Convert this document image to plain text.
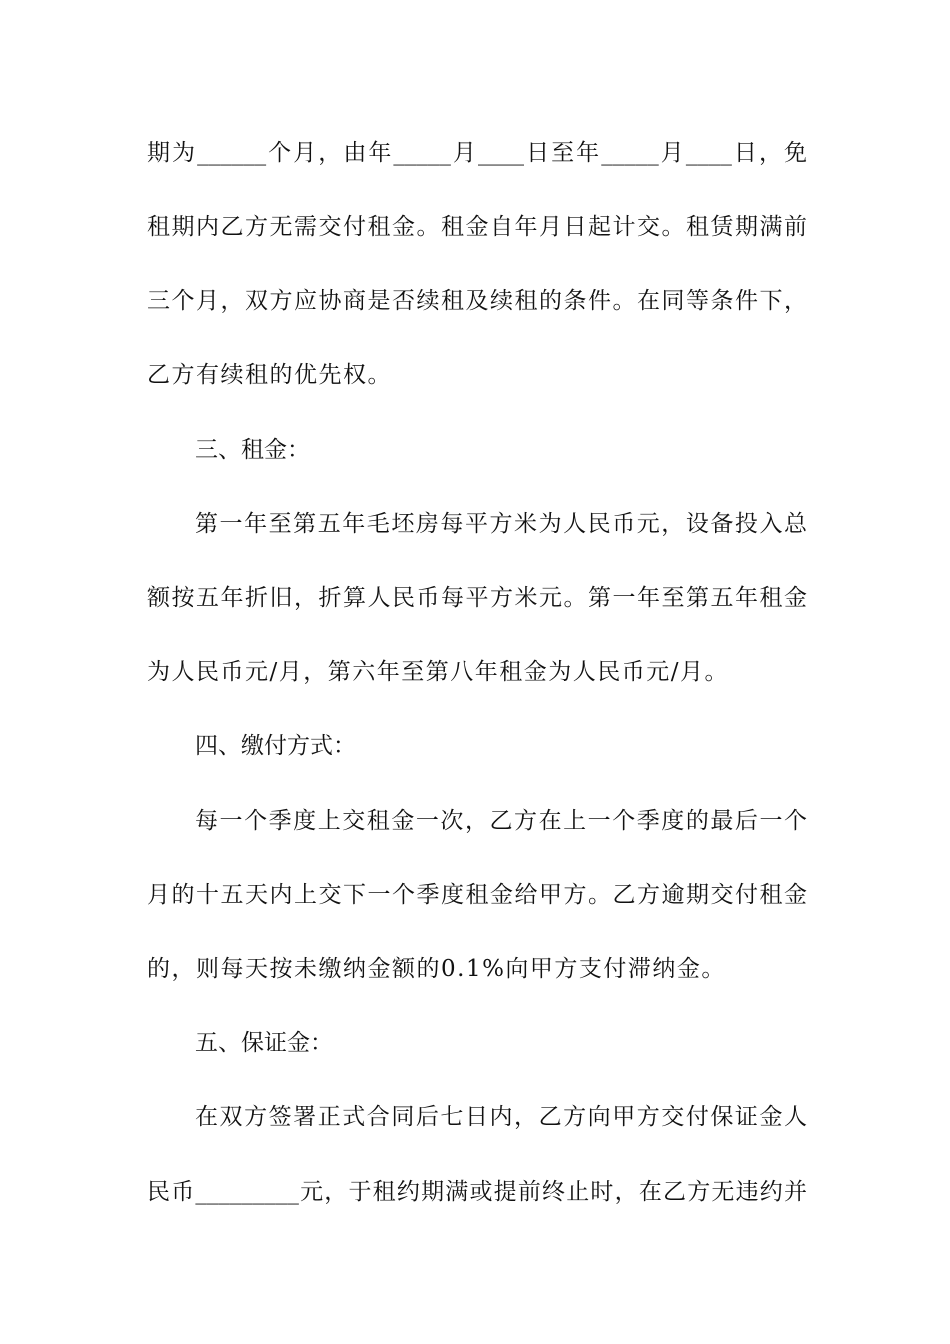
期为______个月，由年_____月____日至年_____月____日，免
租期内乙方无需交付租金。租金自年月日起计交。租赁期满前
三个月，双方应协商是否续租及续租的条件。在同等条件下，
乙方有续租的优先权。
三、租金：
第一年至第五年毛坯房每平方米为人民币元，设备投入总
额按五年折旧，折算人民币每平方米元。第一年至第五年租金
为人民币元/月，第六年至第八年租金为人民币元/月。
四、缴付方式：
每一个季度上交租金一次，乙方在上一个季度的最后一个
月的十五天内上交下一个季度租金给甲方。乙方逾期交付租金
的，则每天按未缴纳金额的0.1%向甲方支付滞纳金。
五、保证金：
在双方签署正式合同后七日内，乙方向甲方交付保证金人
民币_________元，于租约期满或提前终止时，在乙方无违约并
